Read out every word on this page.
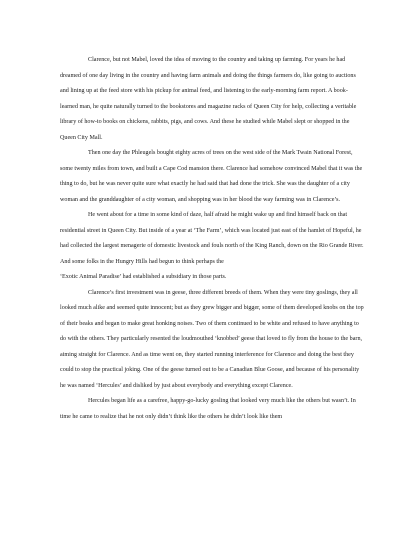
Clarence, but not Mabel, loved the idea of moving to the country and taking up farming. For years he had dreamed of one day living in the country and having farm animals and doing the things farmers do, like going to auctions and lining up at the feed store with his pickup for animal feed, and listening to the early-morning farm report. A book-learned man, he quite naturally turned to the bookstores and magazine racks of Queen City for help, collecting a veritable library of how-to books on chickens, rabbits, pigs, and cows. And these he studied while Mabel slept or shopped in the Queen City Mall.

Then one day the Phleugels bought eighty acres of trees on the west side of the Mark Twain National Forest, some twenty miles from town, and built a Cape Cod mansion there. Clarence had somehow convinced Mabel that it was the thing to do, but he was never quite sure what exactly he had said that had done the trick. She was the daughter of a city woman and the granddaughter of a city woman, and shopping was in her blood the way farming was in Clarence’s.

He went about for a time in some kind of daze, half afraid he might wake up and find himself back on that residential street in Queen City. But inside of a year at ‘The Farm’, which was located just east of the hamlet of Hopeful, he had collected the largest menagerie of domestic livestock and fouls north of the King Ranch, down on the Rio Grande River. And some folks in the Hungry Hills had begun to think perhaps the

‘Exotic Animal Paradise’ had established a subsidiary in those parts.

Clarence’s first investment was in geese, three different breeds of them. When they were tiny goslings, they all looked much alike and seemed quite innocent; but as they grew bigger and bigger, some of them developed knobs on the top of their beaks and began to make great honking noises. Two of them continued to be white and refused to have anything to do with the others. They particularly resented the loudmouthed ‘knobbed’ geese that loved to fly from the house to the barn, aiming straight for Clarence. And as time went on, they started running interference for Clarence and doing the best they could to stop the practical joking. One of the geese turned out to be a Canadian Blue Goose, and because of his personality he was named ‘Hercules’ and disliked by just about everybody and everything except Clarence.

Hercules began life as a carefree, happy-go-lucky gosling that looked very much like the others but wasn’t. In time he came to realize that he not only didn’t think like the others he didn’t look like them
